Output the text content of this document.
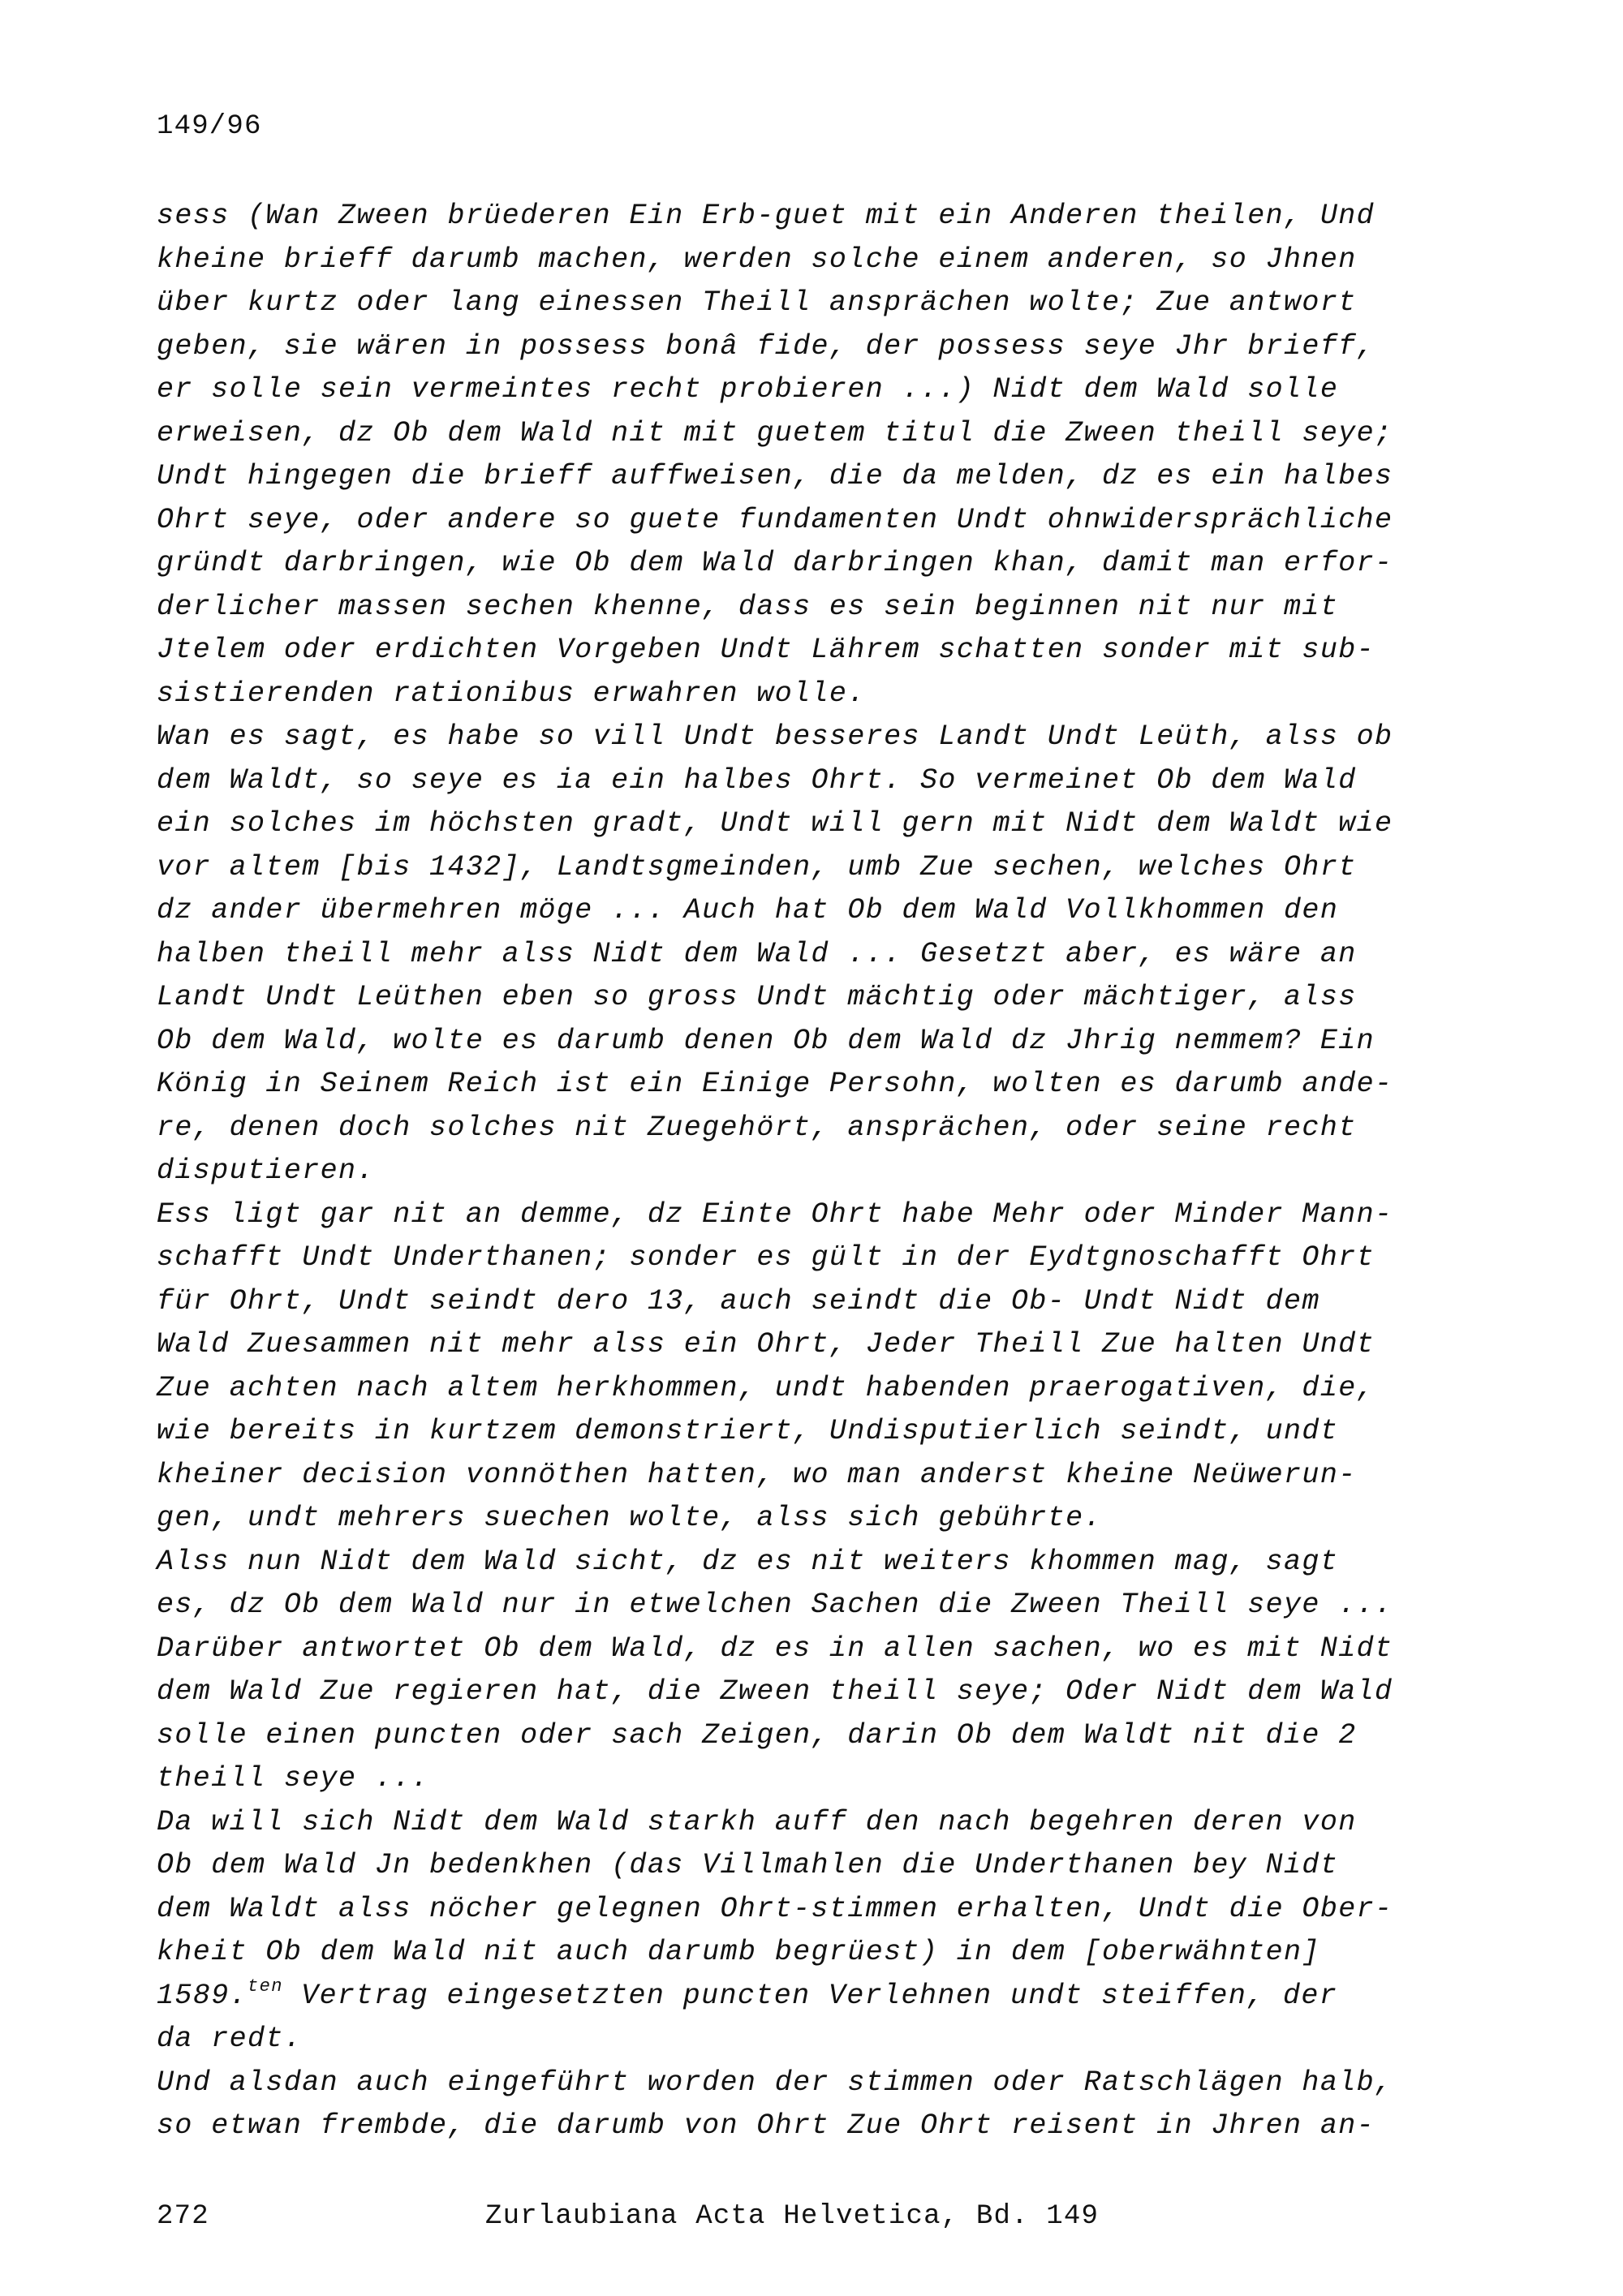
149/96
sess (Wan Zween brüederen Ein Erb-guet mit ein Anderen theilen, Und
kheine brieff darumb machen, werden solche einem anderen, so Jhnen
über kurtz oder lang einessen Theill ansprächen wolte; Zue antwort
geben, sie wären in possess bonâ fide, der possess seye Jhr brieff,
er solle sein vermeintes recht probieren ...) Nidt dem Wald solle
erweisen, dz Ob dem Wald nit mit guetem titul die Zween theill seye;
Undt hingegen die brieff auffweisen, die da melden, dz es ein halbes
Ohrt seye, oder andere so guete fundamenten Undt ohnwidersprächliche
gründt darbringen, wie Ob dem Wald darbringen khan, damit man erfor-
derlicher massen sechen khenne, dass es sein beginnen nit nur mit
Jtelem oder erdichten Vorgeben Undt Lährem schatten sonder mit sub-
sistierenden rationibus erwahren wolle.
Wan es sagt, es habe so vill Undt besseres Landt Undt Leüth, alss ob
dem Waldt, so seye es ia ein halbes Ohrt. So vermeinet Ob dem Wald
ein solches im höchsten gradt, Undt will gern mit Nidt dem Waldt wie
vor altem [bis 1432], Landtsgmeinden, umb Zue sechen, welches Ohrt
dz ander übermehren möge ... Auch hat Ob dem Wald Vollkhommen den
halben theill mehr alss Nidt dem Wald ... Gesetzt aber, es wäre an
Landt Undt Leüthen eben so gross Undt mächtig oder mächtiger, alss
Ob dem Wald, wolte es darumb denen Ob dem Wald dz Jhrig nemmem? Ein
König in Seinem Reich ist ein Einige Persohn, wolten es darumb ande-
re, denen doch solches nit Zuegehört, ansprächen, oder seine recht
disputieren.
Ess ligt gar nit an demme, dz Einte Ohrt habe Mehr oder Minder Mann-
schafft Undt Underthanen; sonder es gült in der Eydtgnoschafft Ohrt
für Ohrt, Undt seindt dero 13, auch seindt die Ob- Undt Nidt dem
Wald Zuesammen nit mehr alss ein Ohrt, Jeder Theill Zue halten Undt
Zue achten nach altem herkhommen, undt habenden praerogativen, die,
wie bereits in kurtzem demonstriert, Undisputierlich seindt, undt
kheiner decision vonnöthen hatten, wo man anderst kheine Neüwerun-
gen, undt mehrers suechen wolte, alss sich gebührte.
Alss nun Nidt dem Wald sicht, dz es nit weiters khommen mag, sagt
es, dz Ob dem Wald nur in etwelchen Sachen die Zween Theill seye ...
Darüber antwortet Ob dem Wald, dz es in allen sachen, wo es mit Nidt
dem Wald Zue regieren hat, die Zween theill seye; Oder Nidt dem Wald
solle einen puncten oder sach Zeigen, darin Ob dem Waldt nit die 2
theill seye ...
Da will sich Nidt dem Wald starkh auff den nach begehren deren von
Ob dem Wald Jn bedenkhen (das Villmahlen die Underthanen bey Nidt
dem Waldt alss nöcher gelegnen Ohrt-stimmen erhalten, Undt die Ober-
kheit Ob dem Wald nit auch darumb begrüest) in dem [oberwähnten]
1589.$^{ten}$ Vertrag eingesetzten puncten Verlehnen undt steiffen, der
da redt.
Und alsdan auch eingeführt worden der stimmen oder Ratschlägen halb,
so etwan frembde, die darumb von Ohrt Zue Ohrt reisent in Jhren an-
272	Zurlaubiana Acta Helvetica, Bd. 149
